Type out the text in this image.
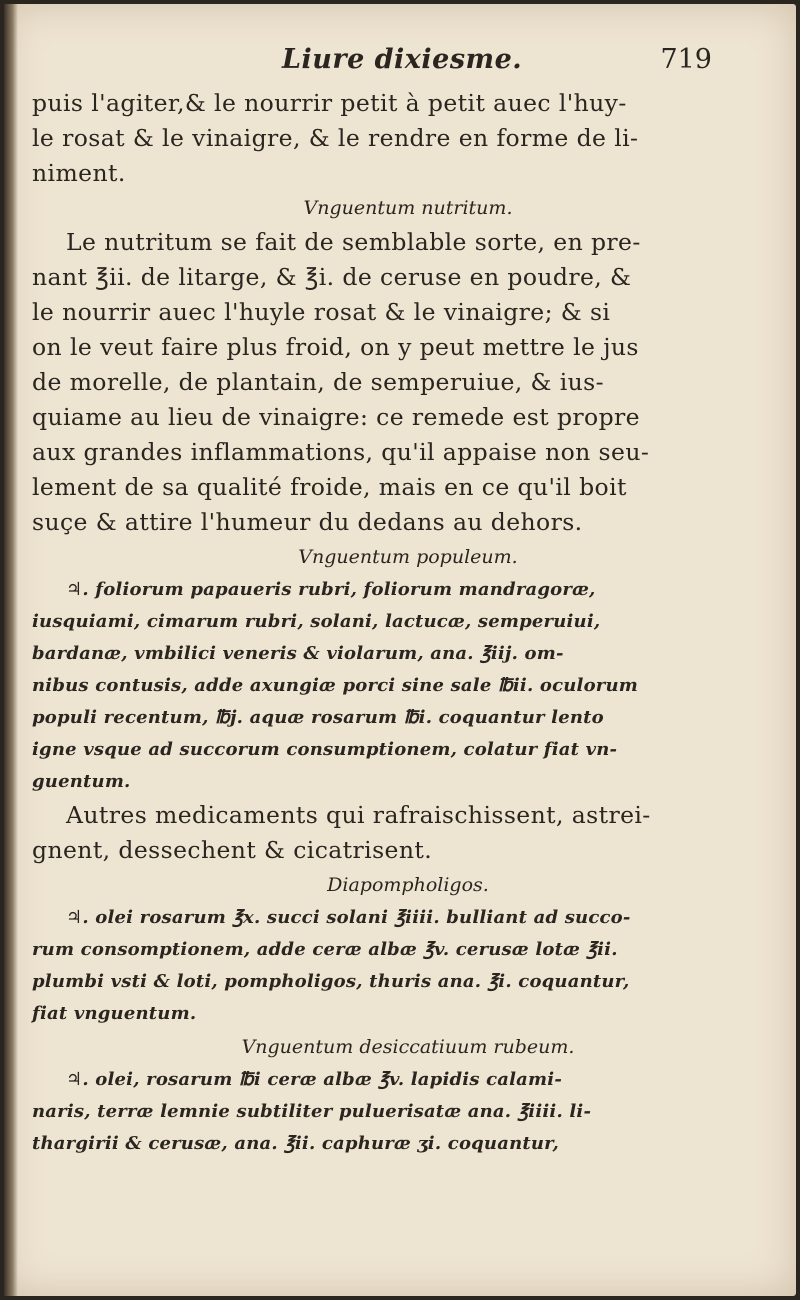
Liure dixiesme.	719
puis l'agiter,& le nourrir petit à petit auec l'huy-
le rosat & le vinaigre, & le rendre en forme de li-
niment.
Vnguentum nutritum.
Le nutritum se fait de semblable sorte, en pre-
nant ℥ii. de litarge, & ℥i. de ceruse en poudre, &
le nourrir auec l'huyle rosat & le vinaigre; & si
on le veut faire plus froid, on y peut mettre le jus
de morelle, de plantain, de semperuiue, & ius-
quiame au lieu de vinaigre: ce remede est propre
aux grandes inflammations, qu'il appaise non seu-
lement de sa qualité froide, mais en ce qu'il boit
suçe & attire l'humeur du dedans au dehors.
Vnguentum populeum.
♃. foliorum papaueris rubri, foliorum mandragoræ,
iusquiami, cimarum rubri, solani, lactucæ, semperuiui,
bardanæ, vmbilici veneris & violarum, ana. ℥iij. om-
nibus contusis, adde axungiæ porci sine sale ℔ii. oculorum
populi recentum, ℔j. aquæ rosarum ℔i. coquantur lento
igne vsque ad succorum consumptionem, colatur fiat vn-
guentum.
Autres medicaments qui rafraischissent, astrei-
gnent, dessechent & cicatrisent.
Diapompholigos.
♃. olei rosarum ℥x. succi solani ℥iiii. bulliant ad succo-
rum consomptionem, adde ceræ albæ ℥v. cerusæ lotæ ℥ii.
plumbi vsti & loti, pompholigos, thuris ana. ℥i. coquantur,
fiat vnguentum.
Vnguentum desiccatiuum rubeum.
♃. olei, rosarum ℔i ceræ albæ ℥v. lapidis calami-
naris, terræ lemnie subtiliter puluerisatæ ana. ℥iiii. li-
thargirii & cerusæ, ana. ℥ii. caphuræ ʒi. coquantur,
